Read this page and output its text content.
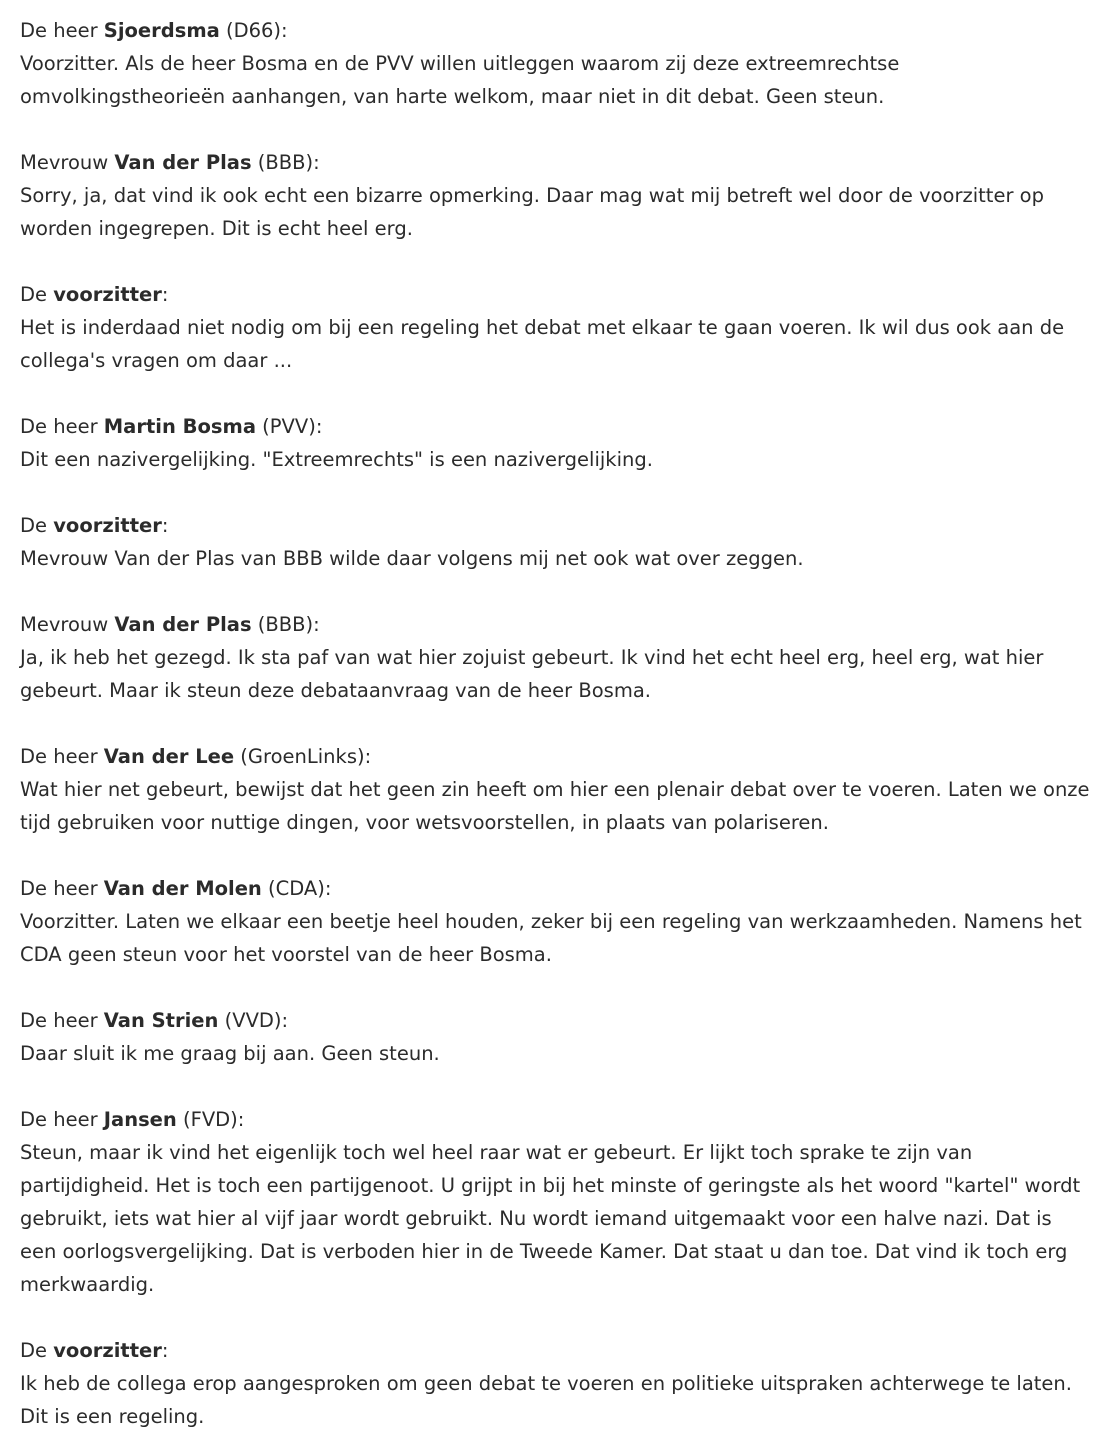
De heer Sjoerdsma (D66):

Voorzitter. Als de heer Bosma en de PVV willen uitleggen waarom zij deze extreemrechtse omvolkingstheorieën aanhangen, van harte welkom, maar niet in dit debat. Geen steun.

Mevrouw Van der Plas (BBB):

Sorry, ja, dat vind ik ook echt een bizarre opmerking. Daar mag wat mij betreft wel door de voorzitter op worden ingegrepen. Dit is echt heel erg.

De voorzitter:

Het is inderdaad niet nodig om bij een regeling het debat met elkaar te gaan voeren. Ik wil dus ook aan de collega's vragen om daar ...

De heer Martin Bosma (PVV):

Dit een nazivergelijking. "Extreemrechts" is een nazivergelijking.

De voorzitter:

Mevrouw Van der Plas van BBB wilde daar volgens mij net ook wat over zeggen.

Mevrouw Van der Plas (BBB):

Ja, ik heb het gezegd. Ik sta paf van wat hier zojuist gebeurt. Ik vind het echt heel erg, heel erg, wat hier gebeurt. Maar ik steun deze debataanvraag van de heer Bosma.

De heer Van der Lee (GroenLinks):

Wat hier net gebeurt, bewijst dat het geen zin heeft om hier een plenair debat over te voeren. Laten we onze tijd gebruiken voor nuttige dingen, voor wetsvoorstellen, in plaats van polariseren.

De heer Van der Molen (CDA):

Voorzitter. Laten we elkaar een beetje heel houden, zeker bij een regeling van werkzaamheden. Namens het CDA geen steun voor het voorstel van de heer Bosma.

De heer Van Strien (VVD):

Daar sluit ik me graag bij aan. Geen steun.

De heer Jansen (FVD):

Steun, maar ik vind het eigenlijk toch wel heel raar wat er gebeurt. Er lijkt toch sprake te zijn van partijdigheid. Het is toch een partijgenoot. U grijpt in bij het minste of geringste als het woord "kartel" wordt gebruikt, iets wat hier al vijf jaar wordt gebruikt. Nu wordt iemand uitgemaakt voor een halve nazi. Dat is een oorlogsvergelijking. Dat is verboden hier in de Tweede Kamer. Dat staat u dan toe. Dat vind ik toch erg merkwaardig.

De voorzitter:

Ik heb de collega erop aangesproken om geen debat te voeren en politieke uitspraken achterwege te laten. Dit is een regeling.
